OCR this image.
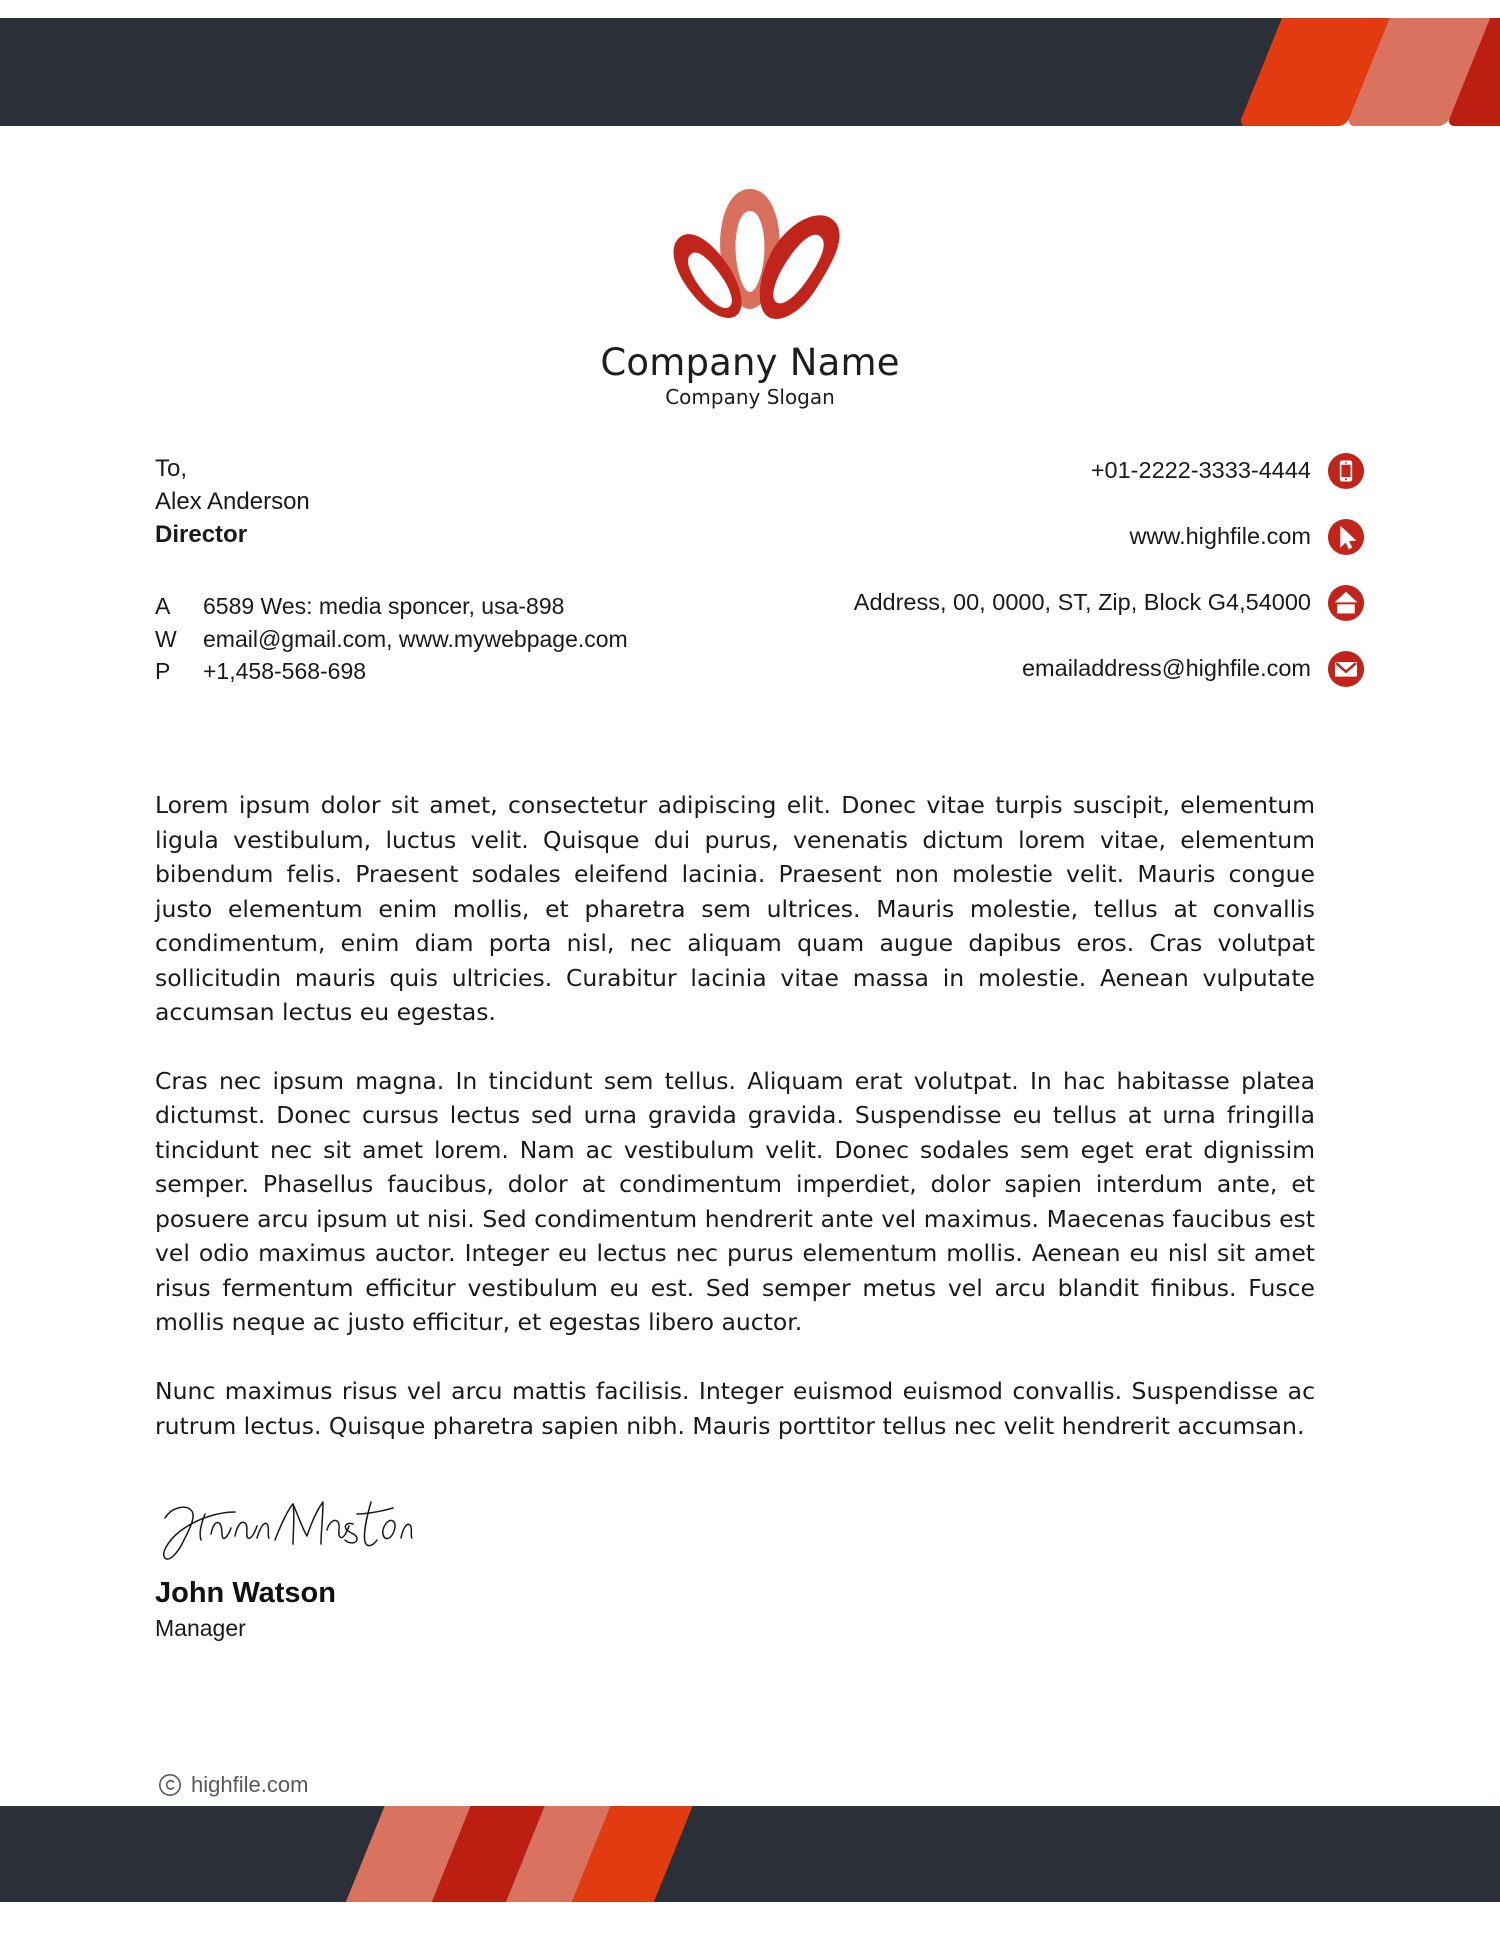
Company Name
Company Slogan
To,
Alex Anderson
Director
A	6589 Wes: media sponcer, usa-898
W	email@gmail.com, www.mywebpage.com
P	+1,458-568-698
+01-2222-3333-4444
www.highfile.com
Address, 00, 0000, ST, Zip, Block G4,54000
emailaddress@highfile.com

Lorem ipsum dolor sit amet, consectetur adipiscing elit. Donec vitae turpis suscipit, elementum ligula vestibulum, luctus velit. Quisque dui purus, venenatis dictum lorem vitae, elementum bibendum felis. Praesent sodales eleifend lacinia. Praesent non molestie velit. Mauris congue justo elementum enim mollis, et pharetra sem ultrices. Mauris molestie, tellus at convallis condimentum, enim diam porta nisl, nec aliquam quam augue dapibus eros. Cras volutpat sollicitudin mauris quis ultricies. Curabitur lacinia vitae massa in molestie. Aenean vulputate accumsan lectus eu egestas.

Cras nec ipsum magna. In tincidunt sem tellus. Aliquam erat volutpat. In hac habitasse platea dictumst. Donec cursus lectus sed urna gravida gravida. Suspendisse eu tellus at urna fringilla tincidunt nec sit amet lorem. Nam ac vestibulum velit. Donec sodales sem eget erat dignissim semper. Phasellus faucibus, dolor at condimentum imperdiet, dolor sapien interdum ante, et posuere arcu ipsum ut nisi. Sed condimentum hendrerit ante vel maximus. Maecenas faucibus est vel odio maximus auctor. Integer eu lectus nec purus elementum mollis. Aenean eu nisl sit amet risus fermentum efficitur vestibulum eu est. Sed semper metus vel arcu blandit finibus. Fusce mollis neque ac justo efficitur, et egestas libero auctor.

Nunc maximus risus vel arcu mattis facilisis. Integer euismod euismod convallis. Suspendisse ac rutrum lectus. Quisque pharetra sapien nibh. Mauris porttitor tellus nec velit hendrerit accumsan.

John Watson
Manager
highfile.com
